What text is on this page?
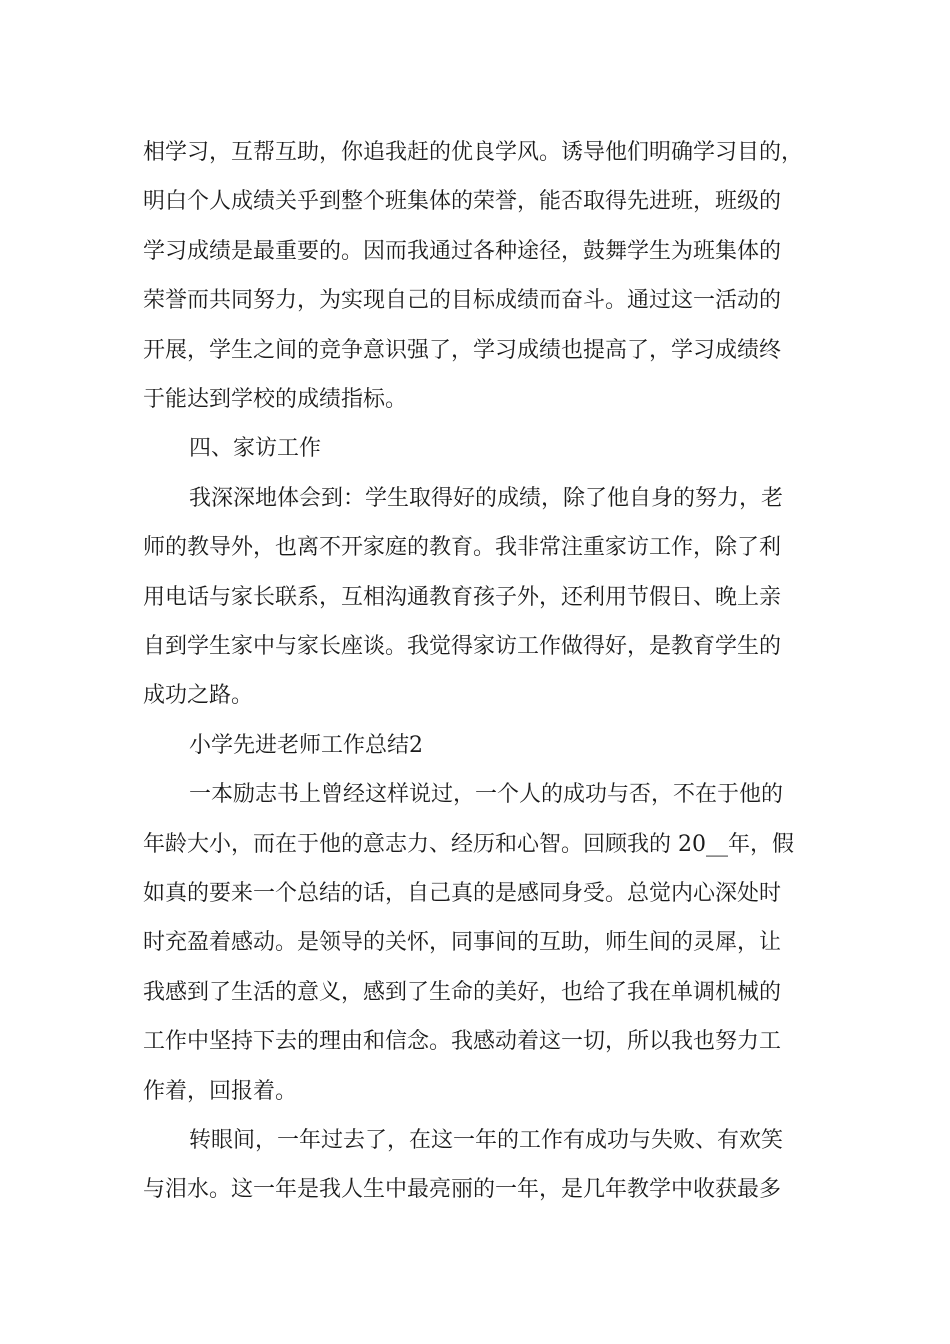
相学习，互帮互助，你追我赶的优良学风。诱导他们明确学习目的，
明白个人成绩关乎到整个班集体的荣誉，能否取得先进班，班级的
学习成绩是最重要的。因而我通过各种途径，鼓舞学生为班集体的
荣誉而共同努力，为实现自己的目标成绩而奋斗。通过这一活动的
开展，学生之间的竞争意识强了，学习成绩也提高了，学习成绩终
于能达到学校的成绩指标。
四、家访工作
我深深地体会到：学生取得好的成绩，除了他自身的努力，老
师的教导外，也离不开家庭的教育。我非常注重家访工作，除了利
用电话与家长联系，互相沟通教育孩子外，还利用节假日、晚上亲
自到学生家中与家长座谈。我觉得家访工作做得好，是教育学生的
成功之路。
小学先进老师工作总结2
一本励志书上曾经这样说过，一个人的成功与否，不在于他的
年龄大小，而在于他的意志力、经历和心智。回顾我的 20__年，假
如真的要来一个总结的话，自己真的是感同身受。总觉内心深处时
时充盈着感动。是领导的关怀，同事间的互助，师生间的灵犀，让
我感到了生活的意义，感到了生命的美好，也给了我在单调机械的
工作中坚持下去的理由和信念。我感动着这一切，所以我也努力工
作着，回报着。
转眼间，一年过去了，在这一年的工作有成功与失败、有欢笑
与泪水。这一年是我人生中最亮丽的一年，是几年教学中收获最多
